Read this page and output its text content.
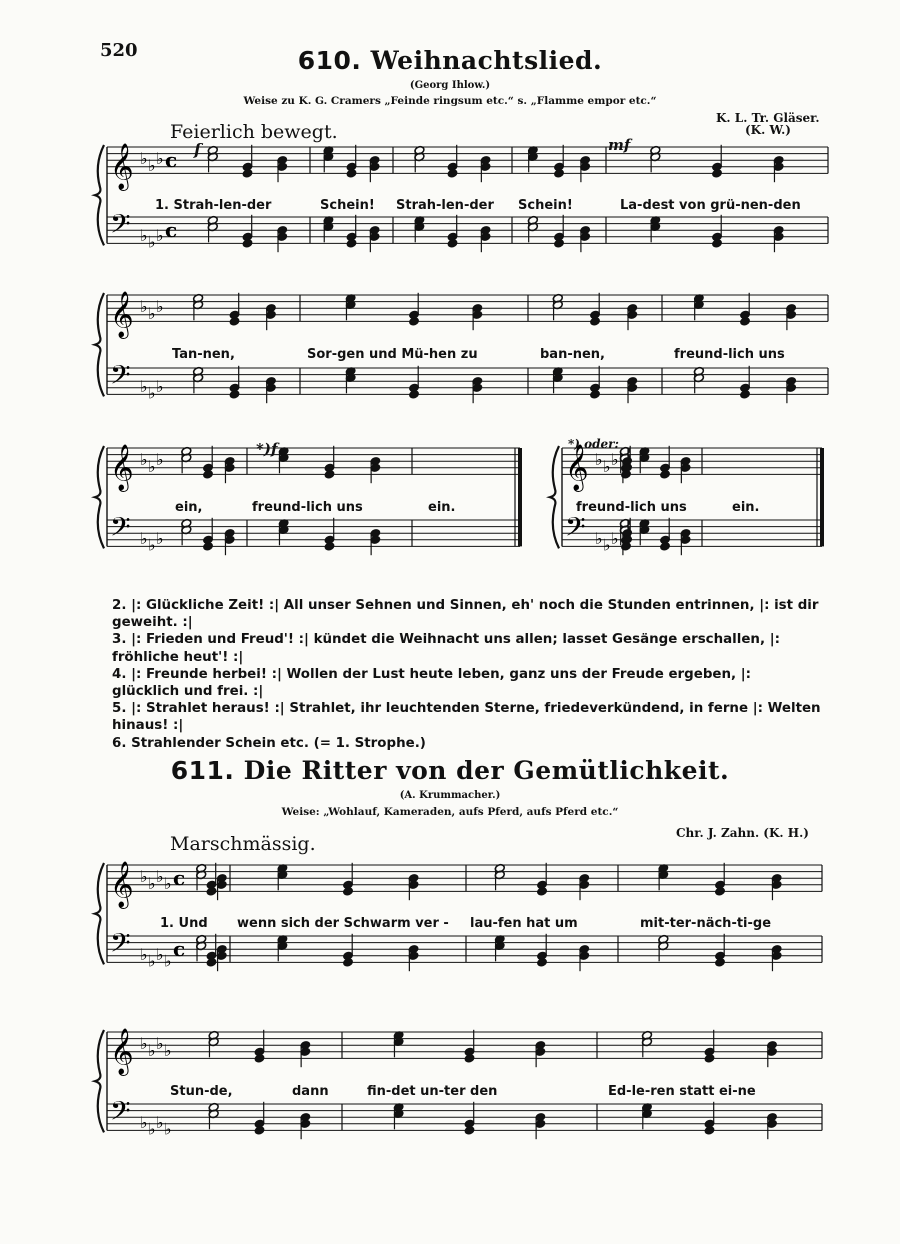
520	610. Weihnachtslied.
(Georg Ihlow.)
Weise zu K. G. Cramers „Feinde ringsum etc.“ s. „Flamme empor etc.“
Feierlich bewegt.
K. L. Tr. Gläser.
(K. W.)
f	mf
*)f	*) oder:
1. Strah-len-der	Schein! Strah-len-der Schein!	La-dest von grü-nen-den
Tan-nen,	Sor-gen und Mü-hen zu	ban-nen,	freund-lich uns
ein,	freund-lich uns	ein.	freund-lich uns	ein.
2. |: Glückliche Zeit! :| All unser Sehnen und Sinnen, eh' noch die Stunden entrinnen, |: ist dir geweiht. :|
3. |: Frieden und Freud'! :| kündet die Weihnacht uns allen; lasset Gesänge erschallen, |: fröhliche heut'! :|
4. |: Freunde herbei! :| Wollen der Lust heute leben, ganz uns der Freude ergeben, |: glücklich und frei. :|
5. |: Strahlet heraus! :| Strahlet, ihr leuchtenden Sterne, friedeverkündend, in ferne |: Welten hinaus! :|
6. Strahlender Schein etc. (= 1. Strophe.)
611. Die Ritter von der Gemütlichkeit.
(A. Krummacher.)
Weise: „Wohlauf, Kameraden, aufs Pferd, aufs Pferd etc.“
Marschmässig.	Chr. J. Zahn. (K. H.)
1. Und wenn sich der Schwarm ver - lau-fen hat um	mit-ter-näch-ti-ge
Stun-de,	dann	fin-det un-ter den	Ed-le-ren statt ei-ne
𝄞
𝄢
♭
♭
♭
♭
♭
♭
c
c
𝄞
𝄢
♭
♭
♭
♭
♭
♭
𝄞
𝄢
♭
♭
♭
♭
♭
♭
𝄞
𝄢
♭
♭
♭
♭
♭
♭
𝄞
𝄢
♭
♭
♭
♭
♭
♭
♭
♭
c
c
𝄞
𝄢
♭
♭
♭
♭
♭
♭
♭
♭
